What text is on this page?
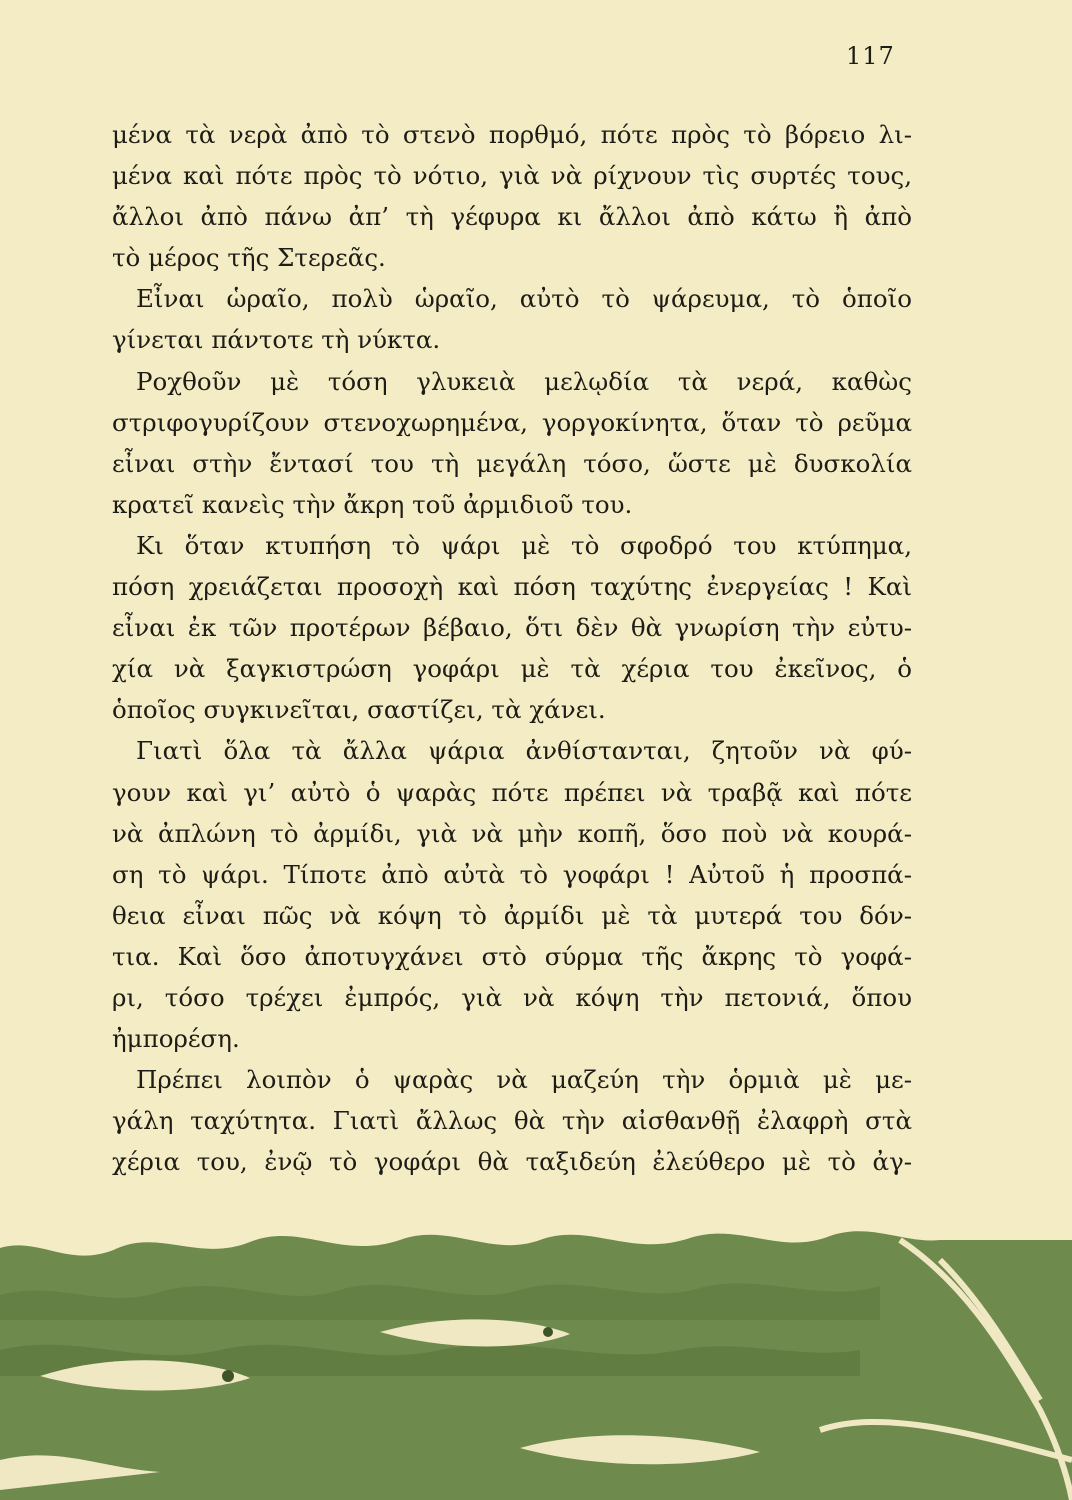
117
μένα τὰ νερὰ ἀπὸ τὸ στενὸ πορθμό, πότε πρὸς τὸ βόρειο λι-
μένα καὶ πότε πρὸς τὸ νότιο, γιὰ νὰ ρίχνουν τὶς συρτές τους,
ἄλλοι ἀπὸ πάνω ἀπ’ τὴ γέφυρα κι ἄλλοι ἀπὸ κάτω ἢ ἀπὸ
τὸ μέρος τῆς Στερεᾶς.
Εἶναι ὡραῖο, πολὺ ὡραῖο, αὐτὸ τὸ ψάρευμα, τὸ ὁποῖο
γίνεται πάντοτε τὴ νύκτα.
Ροχθοῦν μὲ τόση γλυκειὰ μελῳδία τὰ νερά, καθὼς
στριφογυρίζουν στενοχωρημένα, γοργοκίνητα, ὅταν τὸ ρεῦμα
εἶναι στὴν ἔντασί του τὴ μεγάλη τόσο, ὥστε μὲ δυσκολία
κρατεῖ κανεὶς τὴν ἄκρη τοῦ ἀρμιδιοῦ του.
Κι ὅταν κτυπήση τὸ ψάρι μὲ τὸ σφοδρό του κτύπημα,
πόση χρειάζεται προσοχὴ καὶ πόση ταχύτης ἐνεργείας ! Καὶ
εἶναι ἐκ τῶν προτέρων βέβαιο, ὅτι δὲν θὰ γνωρίση τὴν εὐτυ-
χία νὰ ξαγκιστρώση γοφάρι μὲ τὰ χέρια του ἐκεῖνος, ὁ
ὁποῖος συγκινεῖται, σαστίζει, τὰ χάνει.
Γιατὶ ὅλα τὰ ἄλλα ψάρια ἀνθίστανται, ζητοῦν νὰ φύ-
γουν καὶ γι’ αὐτὸ ὁ ψαρὰς πότε πρέπει νὰ τραβᾷ καὶ πότε
νὰ ἀπλώνη τὸ ἀρμίδι, γιὰ νὰ μὴν κοπῆ, ὅσο ποὺ νὰ κουρά-
ση τὸ ψάρι. Τίποτε ἀπὸ αὐτὰ τὸ γοφάρι ! Αὐτοῦ ἡ προσπά-
θεια εἶναι πῶς νὰ κόψη τὸ ἀρμίδι μὲ τὰ μυτερά του δόν-
τια. Καὶ ὅσο ἀποτυγχάνει στὸ σύρμα τῆς ἄκρης τὸ γοφά-
ρι, τόσο τρέχει ἐμπρός, γιὰ νὰ κόψη τὴν πετονιά, ὅπου
ἠμπορέση.
Πρέπει λοιπὸν ὁ ψαρὰς νὰ μαζεύη τὴν ὁρμιὰ μὲ με-
γάλη ταχύτητα. Γιατὶ ἄλλως θὰ τὴν αἰσθανθῇ ἐλαφρὴ στὰ
χέρια του, ἐνῷ τὸ γοφάρι θὰ ταξιδεύη ἐλεύθερο μὲ τὸ ἀγ-
